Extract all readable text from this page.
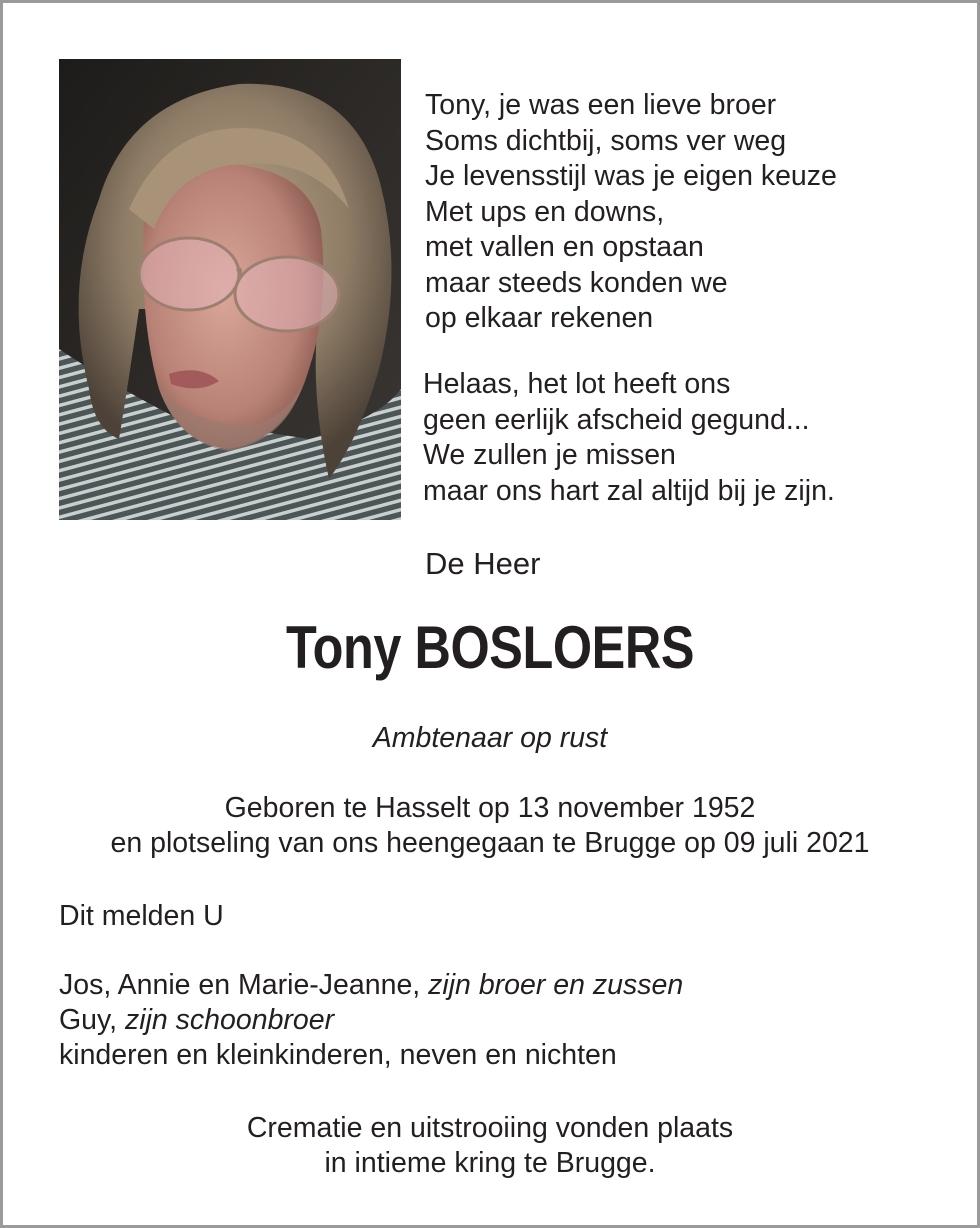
Tony, je was een lieve broer
Soms dichtbij, soms ver weg
Je levensstijl was je eigen keuze
Met ups en downs,
met vallen en opstaan
maar steeds konden we
op elkaar rekenen
Helaas, het lot heeft ons
geen eerlijk afscheid gegund...
We zullen je missen
maar ons hart zal altijd bij je zijn.
De Heer
Tony BOSLOERS
Ambtenaar op rust
Geboren te Hasselt op 13 november 1952
en plotseling van ons heengegaan te Brugge op 09 juli 2021
Dit melden U
Jos, Annie en Marie-Jeanne, zijn broer en zussen
Guy, zijn schoonbroer
kinderen en kleinkinderen, neven en nichten
Crematie en uitstrooiing vonden plaats
in intieme kring te Brugge.
